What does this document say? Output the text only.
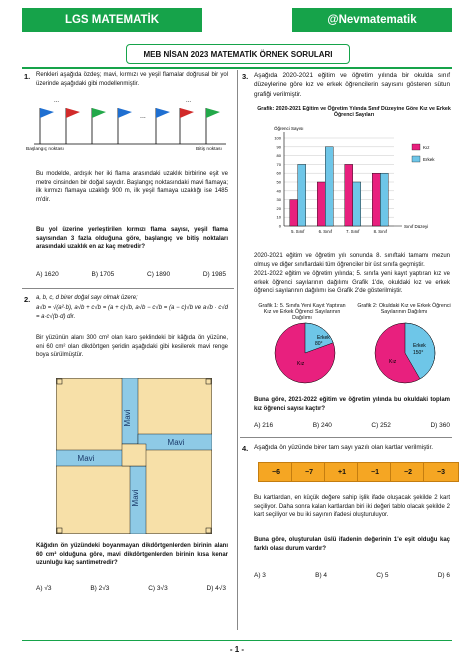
LGS MATEMATİK	@Nevmatematik
MEB NİSAN 2023 MATEMATİK ÖRNEK SORULARI
1. Renkleri aşağıda özdeş; mavi, kırmızı ve yeşil flamalar doğrusal bir yol üzerinde aşağıdaki gibi modellenmiştir.
...
...	...
Başlangıç noktası	Bitiş noktası
Bu modelde, ardışık her iki flama arasındaki uzaklık birbirine eşit ve metre cinsinden bir doğal sayıdır. Başlangıç noktasındaki mavi flamaya; ilk kırmızı flamaya uzaklığı 900 m, ilk yeşil flamaya uzaklığı ise 1485 m'dir.
Bu yol üzerine yerleştirilen kırmızı flama sayısı, yeşil flama sayısından 3 fazla olduğuna göre, başlangıç ve bitiş noktaları arasındaki uzaklık en az kaç metredir?
A) 1620	B) 1705	C) 1890	D) 1985
2. a, b, c, d birer doğal sayı olmak üzere;
a√b = √(a²·b), a√b + c√b = (a + c)√b, a√b − c√b = (a − c)√b ve a√b · c√d = a·c√(b·d) dir.
Bir yüzünün alanı 300 cm² olan karo şeklindeki bir kâğıda ön yüzüne, eni 60 cm² olan dikdörtgen şeridin aşağıdaki gibi kesilerek mavi renge boya sürülmüştür.
Mavi
Mavi
Mavi
Mavi
Kâğıdın ön yüzündeki boyanmayan dikdörtgenlerden birinin alanı 60 cm² olduğuna göre, mavi dikdörtgenlerden birinin kısa kenar uzunluğu kaç santimetredir?
A) √3	B) 2√3	C) 3√3	D) 4√3
3. Aşağıda 2020-2021 eğitim ve öğretim yılında bir okulda sınıf düzeylerine göre kız ve erkek öğrencilerin sayısını gösteren sütun grafiği verilmiştir.
Grafik: 2020-2021 Eğitim ve Öğretim Yılında Sınıf Düzeyine Göre Kız ve Erkek Öğrenci Sayıları
0
10
20
30
40
50
60
70
80
90
100
Öğrenci Sayısı
Sınıf Düzeyi
5. Sınıf	6. Sınıf	7. Sınıf	8. Sınıf
Kız
Erkek
2020-2021 eğitim ve öğretim yılı sonunda 8. sınıftaki tamamı mezun olmuş ve diğer sınıflardaki tüm öğrenciler bir üst sınıfa geçmiştir.
2021-2022 eğitim ve öğretim yılında; 5. sınıfa yeni kayıt yaptıran kız ve erkek öğrenci sayılarının dağılımı Grafik 1'de, okuldaki kız ve erkek öğrenci sayılarının dağılımı ise Grafik 2'de gösterilmiştir.
Grafik 1: 5. Sınıfa Yeni Kayıt Yaptıran Kız ve Erkek Öğrenci Sayılarının Dağılımı
Grafik 2: Okuldaki Kız ve Erkek Öğrenci Sayılarının Dağılımı
Erkek
80°
Kız
Erkek
150°
Kız
Buna göre, 2021-2022 eğitim ve öğretim yılında bu okuldaki toplam kız öğrenci sayısı kaçtır?
A) 216	B) 240	C) 252	D) 360
4. Aşağıda ön yüzünde birer tam sayı yazılı olan kartlar verilmiştir.
−6	−7	+1	−1	−2	−3
Bu kartlardan, en küçük değere sahip işlik ifade oluşacak şekilde 2 kart seçiliyor. Daha sonra kalan kartlardan biri iki değeri tablo olacak şekilde 2 kart seçiliyor ve bu iki sayının ifadesi oluşturuluyor.
Buna göre, oluşturulan üslü ifadenin değerinin 1'e eşit olduğu kaç farklı olası durum vardır?
A) 3	B) 4	C) 5	D) 6
- 1 -
